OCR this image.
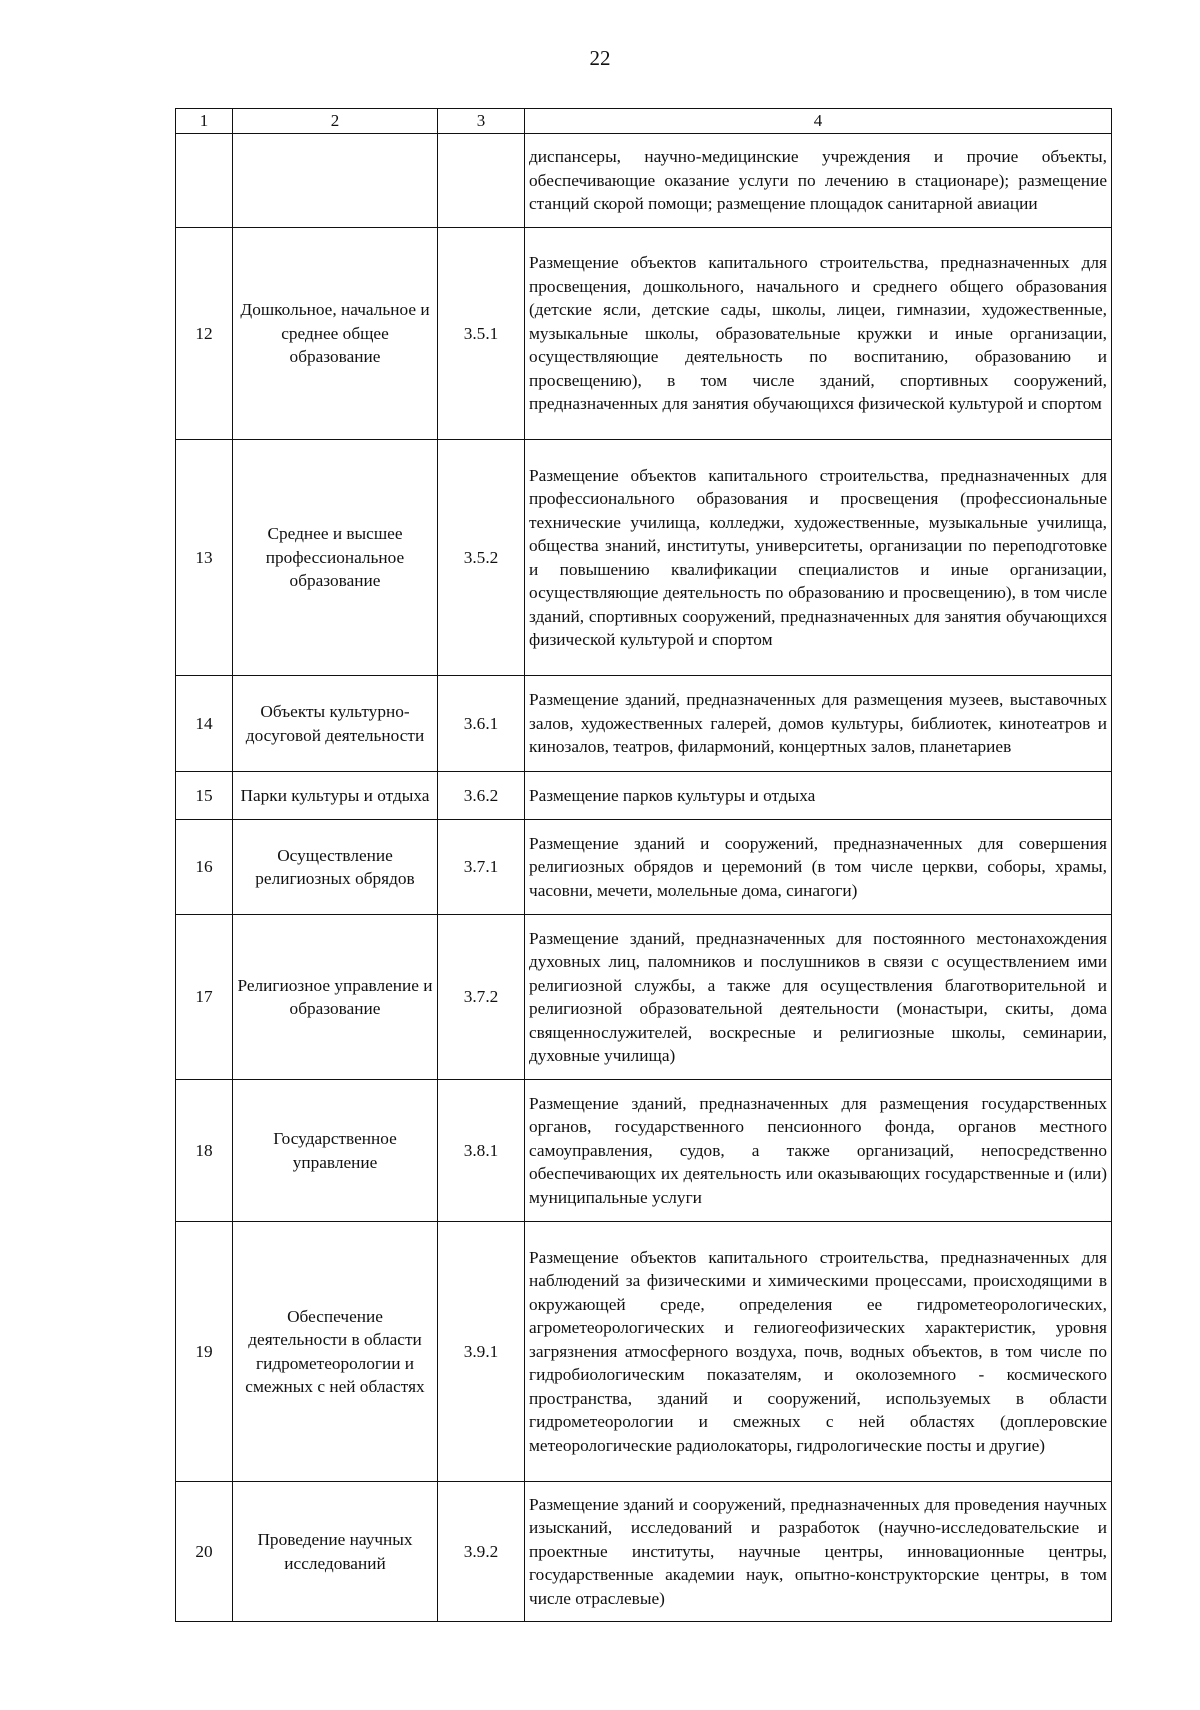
22
1	2	3	4
			диспансеры, научно-медицинские учреждения и прочие объекты, обеспечивающие оказание услуги по лечению в стационаре); размещение станций скорой помощи; размещение площадок санитарной авиации
12	Дошкольное, начальное и среднее общее образование	3.5.1	Размещение объектов капитального строительства, предназначенных для просвещения, дошкольного, начального и среднего общего образования (детские ясли, детские сады, школы, лицеи, гимназии, художественные, музыкальные школы, образовательные кружки и иные организации, осуществляющие деятельность по воспитанию, образованию и просвещению), в том числе зданий, спортивных сооружений, предназначенных для занятия обучающихся физической культурой и спортом
13	Среднее и высшее профессиональное образование	3.5.2	Размещение объектов капитального строительства, предназначенных для профессионального образования и просвещения (профессиональные технические училища, колледжи, художественные, музыкальные училища, общества знаний, институты, университеты, организации по переподготовке и повышению квалификации специалистов и иные организации, осуществляющие деятельность по образованию и просвещению), в том числе зданий, спортивных сооружений, предназначенных для занятия обучающихся физической культурой и спортом
14	Объекты культурно-досуговой деятельности	3.6.1	Размещение зданий, предназначенных для размещения музеев, выставочных залов, художественных галерей, домов культуры, библиотек, кинотеатров и кинозалов, театров, филармоний, концертных залов, планетариев
15	Парки культуры и отдыха	3.6.2	Размещение парков культуры и отдыха
16	Осуществление религиозных обрядов	3.7.1	Размещение зданий и сооружений, предназначенных для совершения религиозных обрядов и церемоний (в том числе церкви, соборы, храмы, часовни, мечети, молельные дома, синагоги)
17	Религиозное управление и образование	3.7.2	Размещение зданий, предназначенных для постоянного местонахождения духовных лиц, паломников и послушников в связи с осуществлением ими религиозной службы, а также для осуществления благотворительной и религиозной образовательной деятельности (монастыри, скиты, дома священнослужителей, воскресные и религиозные школы, семинарии, духовные училища)
18	Государственное управление	3.8.1	Размещение зданий, предназначенных для размещения государственных органов, государственного пенсионного фонда, органов местного самоуправления, судов, а также организаций, непосредственно обеспечивающих их деятельность или оказывающих государственные и (или) муниципальные услуги
19	Обеспечение деятельности в области гидрометеорологии и смежных с ней областях	3.9.1	Размещение объектов капитального строительства, предназначенных для наблюдений за физическими и химическими процессами, происходящими в окружающей среде, определения ее гидрометеорологических, агрометеорологических и гелиогеофизических характеристик, уровня загрязнения атмосферного воздуха, почв, водных объектов, в том числе по гидробиологическим показателям, и околоземного - космического пространства, зданий и сооружений, используемых в области гидрометеорологии и смежных с ней областях (доплеровские метеорологические радиолокаторы, гидрологические посты и другие)
20	Проведение научных исследований	3.9.2	Размещение зданий и сооружений, предназначенных для проведения научных изысканий, исследований и разработок (научно-исследовательские и проектные институты, научные центры, инновационные центры, государственные академии наук, опытно-конструкторские центры, в том числе отраслевые)
